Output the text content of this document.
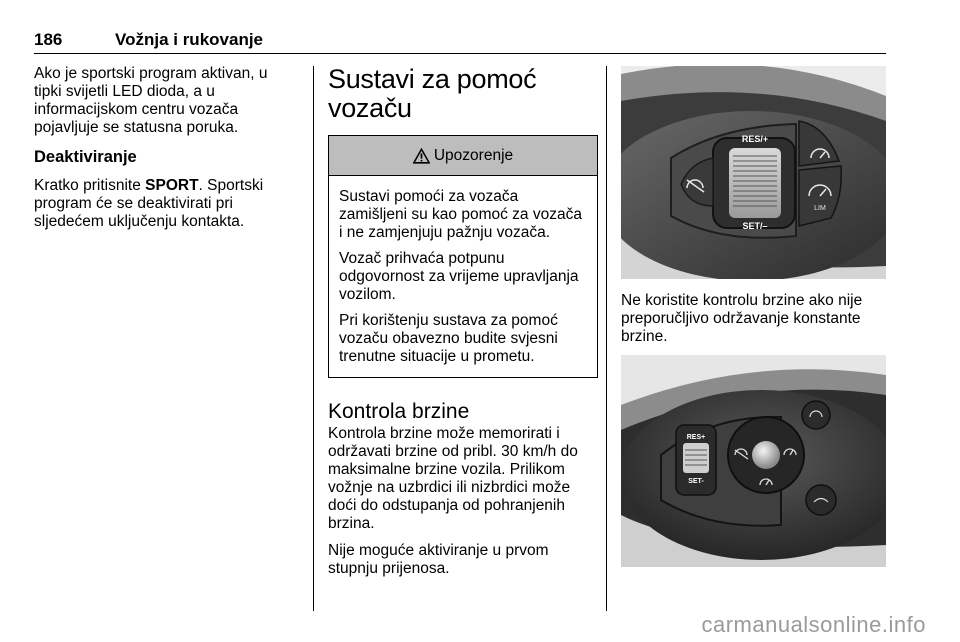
186	Vožnja i rukovanje

Ako je sportski program aktivan, u tipki svijetli LED dioda, a u informacijskom centru vozača pojavljuje se statusna poruka.

Deaktiviranje

Kratko pritisnite SPORT. Sportski program će se deaktivirati pri sljedećem uključenju kontakta.

Sustavi za pomoć vozaču
Upozorenje

Sustavi pomoći za vozača zamišljeni su kao pomoć za vozača i ne zamjenjuju pažnju vozača.

Vozač prihvaća potpunu odgovornost za vrijeme upravljanja vozilom.

Pri korištenju sustava za pomoć vozaču obavezno budite svjesni trenutne situacije u prometu.

Kontrola brzine

Kontrola brzine može memorirati i održavati brzine od pribl. 30 km/h do maksimalne brzine vozila. Prilikom vožnje na uzbrdici ili nizbrdici može doći do odstupanja od pohranjenih brzina.

Nije moguće aktiviranje u prvom stupnju prijenosa.

RES/+
SET/–
LIM

Ne koristite kontrolu brzine ako nije preporučljivo održavanje konstante brzine.

RES+
SET-
carmanualsonline.info
